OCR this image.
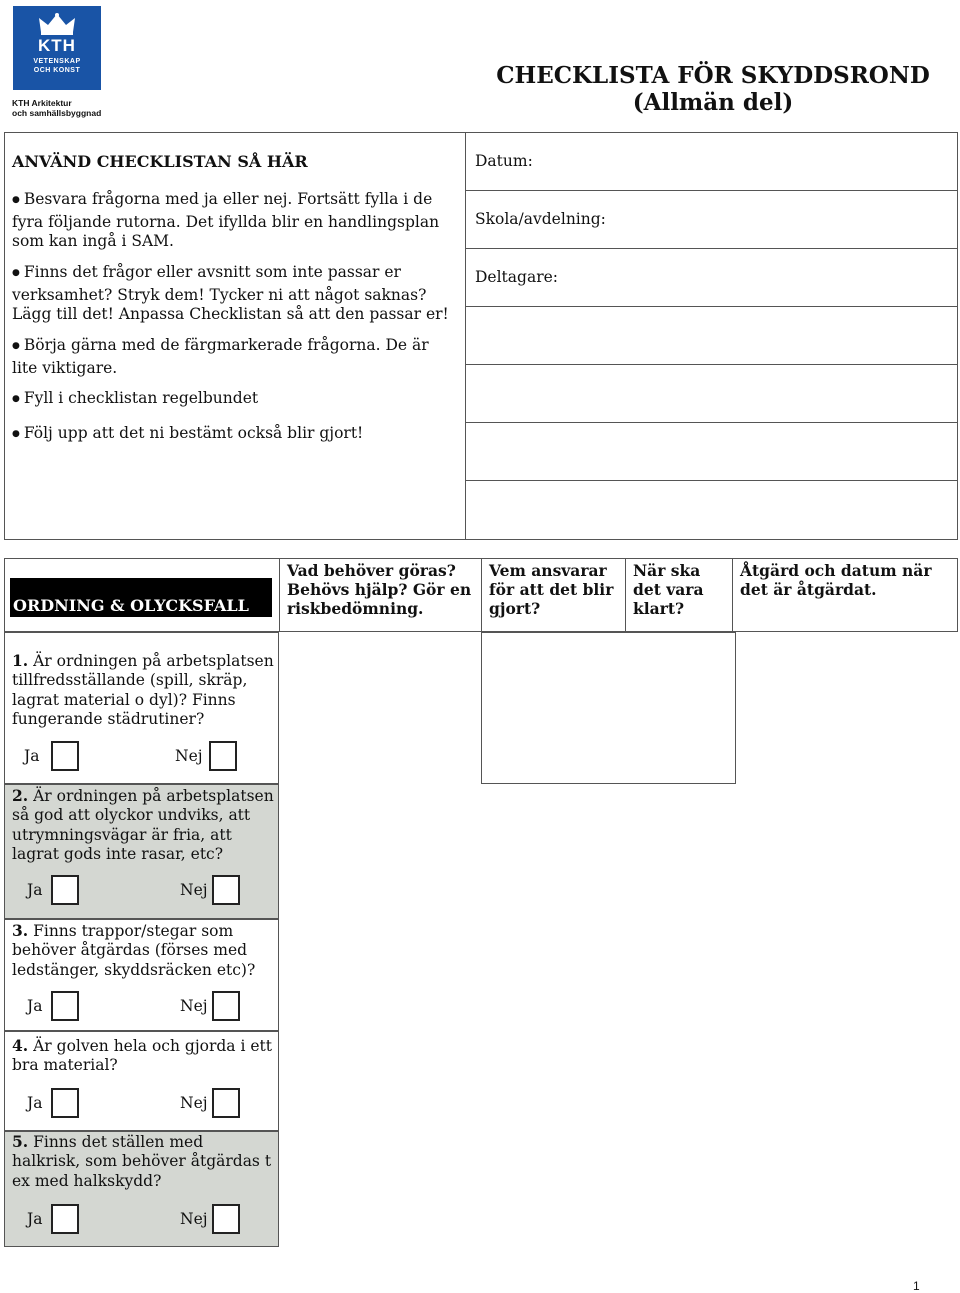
KTH
VETENSKAP
OCH KONST
KTH Arkitektur
och samhällsbyggnad
CHECKLISTA FÖR SKYDDSROND
(Allmän del)
ANVÄND CHECKLISTAN SÅ HÄR
● Besvara frågorna med ja eller nej. Fortsätt fylla i de fyra följande rutorna. Det ifyllda blir en handlingsplan som kan ingå i SAM.
● Finns det frågor eller avsnitt som inte passar er verksamhet? Stryk dem! Tycker ni att något saknas? Lägg till det! Anpassa Checklistan så att den passar er!
● Börja gärna med de färgmarkerade frågorna. De är lite viktigare.
● Fyll i checklistan regelbundet
● Följ upp att det ni bestämt också blir gjort!
Datum:
Skola/avdelning:
Deltagare:
ORDNING & OLYCKSFALL
Vad behöver göras? Behövs hjälp? Gör en riskbedömning.
Vem ansvarar för att det blir gjort?
När ska det vara klart?
Åtgärd och datum när det är åtgärdat.
1. Är ordningen på arbetsplatsen tillfredsställande (spill, skräp, lagrat material o dyl)? Finns fungerande städrutiner?
Ja	Nej
2. Är ordningen på arbetsplatsen så god att olyckor undviks, att utrymningsvägar är fria, att lagrat gods inte rasar, etc?
Ja	Nej
3. Finns trappor/stegar som behöver åtgärdas (förses med ledstänger, skyddsräcken etc)?
Ja	Nej
4. Är golven hela och gjorda i ett bra material?
Ja	Nej
5. Finns det ställen med halkrisk, som behöver åtgärdas t ex med halkskydd?
Ja	Nej
1
